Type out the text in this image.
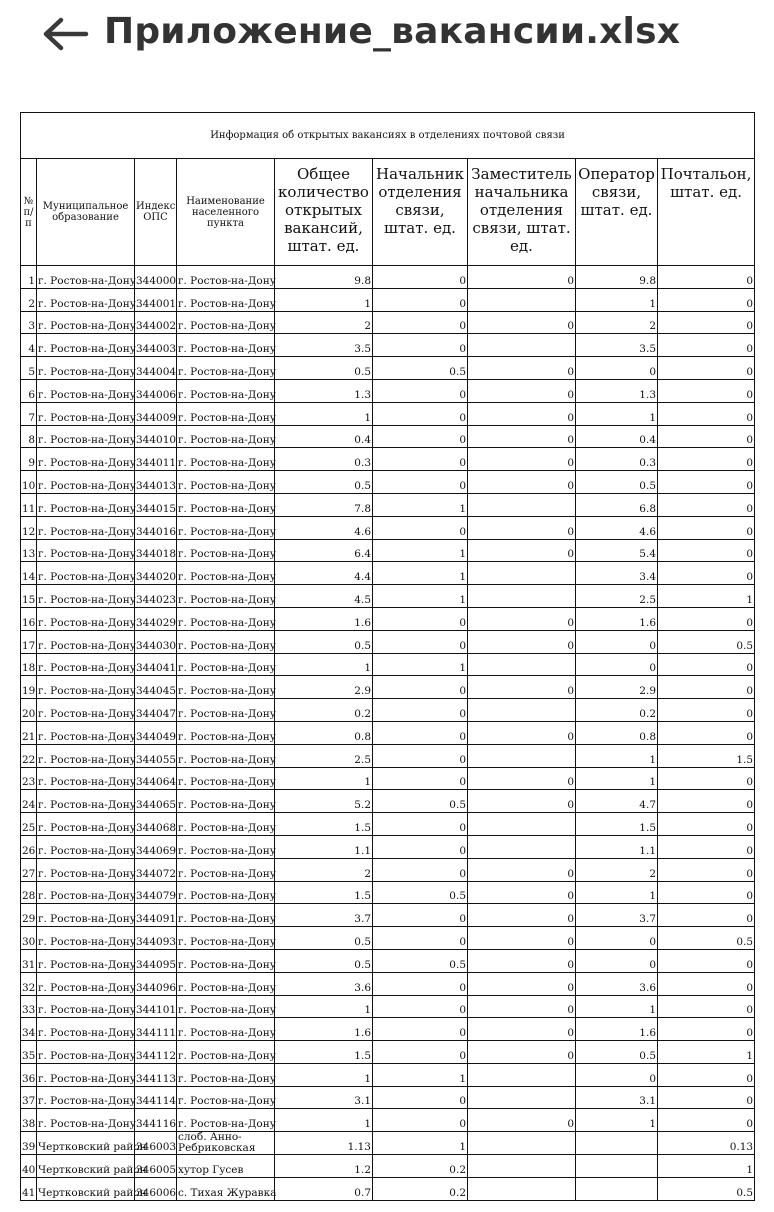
Приложение_вакансии.xlsx
Информация об открытых вакансиях в отделениях почтовой связи								
№ п/п	Муниципальное образование	Индекс ОПС	Наименование населенного пункта	Общее количество открытых вакансий, штат. ед.	Начальник отделения связи, штат. ед.	Заместитель начальника отделения связи, штат. ед.	Оператор связи, штат. ед.	Почтальон, штат. ед.
1	г. Ростов-на-Дону	344000	г. Ростов-на-Дону	9.8	0	0	9.8	0
2	г. Ростов-на-Дону	344001	г. Ростов-на-Дону	1	0		1	0
3	г. Ростов-на-Дону	344002	г. Ростов-на-Дону	2	0	0	2	0
4	г. Ростов-на-Дону	344003	г. Ростов-на-Дону	3.5	0		3.5	0
5	г. Ростов-на-Дону	344004	г. Ростов-на-Дону	0.5	0.5	0	0	0
6	г. Ростов-на-Дону	344006	г. Ростов-на-Дону	1.3	0	0	1.3	0
7	г. Ростов-на-Дону	344009	г. Ростов-на-Дону	1	0	0	1	0
8	г. Ростов-на-Дону	344010	г. Ростов-на-Дону	0.4	0	0	0.4	0
9	г. Ростов-на-Дону	344011	г. Ростов-на-Дону	0.3	0	0	0.3	0
10	г. Ростов-на-Дону	344013	г. Ростов-на-Дону	0.5	0	0	0.5	0
11	г. Ростов-на-Дону	344015	г. Ростов-на-Дону	7.8	1		6.8	0
12	г. Ростов-на-Дону	344016	г. Ростов-на-Дону	4.6	0	0	4.6	0
13	г. Ростов-на-Дону	344018	г. Ростов-на-Дону	6.4	1	0	5.4	0
14	г. Ростов-на-Дону	344020	г. Ростов-на-Дону	4.4	1		3.4	0
15	г. Ростов-на-Дону	344023	г. Ростов-на-Дону	4.5	1		2.5	1
16	г. Ростов-на-Дону	344029	г. Ростов-на-Дону	1.6	0	0	1.6	0
17	г. Ростов-на-Дону	344030	г. Ростов-на-Дону	0.5	0	0	0	0.5
18	г. Ростов-на-Дону	344041	г. Ростов-на-Дону	1	1		0	0
19	г. Ростов-на-Дону	344045	г. Ростов-на-Дону	2.9	0	0	2.9	0
20	г. Ростов-на-Дону	344047	г. Ростов-на-Дону	0.2	0		0.2	0
21	г. Ростов-на-Дону	344049	г. Ростов-на-Дону	0.8	0	0	0.8	0
22	г. Ростов-на-Дону	344055	г. Ростов-на-Дону	2.5	0		1	1.5
23	г. Ростов-на-Дону	344064	г. Ростов-на-Дону	1	0	0	1	0
24	г. Ростов-на-Дону	344065	г. Ростов-на-Дону	5.2	0.5	0	4.7	0
25	г. Ростов-на-Дону	344068	г. Ростов-на-Дону	1.5	0		1.5	0
26	г. Ростов-на-Дону	344069	г. Ростов-на-Дону	1.1	0		1.1	0
27	г. Ростов-на-Дону	344072	г. Ростов-на-Дону	2	0	0	2	0
28	г. Ростов-на-Дону	344079	г. Ростов-на-Дону	1.5	0.5	0	1	0
29	г. Ростов-на-Дону	344091	г. Ростов-на-Дону	3.7	0	0	3.7	0
30	г. Ростов-на-Дону	344093	г. Ростов-на-Дону	0.5	0	0	0	0.5
31	г. Ростов-на-Дону	344095	г. Ростов-на-Дону	0.5	0.5	0	0	0
32	г. Ростов-на-Дону	344096	г. Ростов-на-Дону	3.6	0	0	3.6	0
33	г. Ростов-на-Дону	344101	г. Ростов-на-Дону	1	0	0	1	0
34	г. Ростов-на-Дону	344111	г. Ростов-на-Дону	1.6	0	0	1.6	0
35	г. Ростов-на-Дону	344112	г. Ростов-на-Дону	1.5	0	0	0.5	1
36	г. Ростов-на-Дону	344113	г. Ростов-на-Дону	1	1		0	0
37	г. Ростов-на-Дону	344114	г. Ростов-на-Дону	3.1	0		3.1	0
38	г. Ростов-на-Дону	344116	г. Ростов-на-Дону	1	0	0	1	0
39	Чертковский район	346003	слоб. Анно-Ребриковская	1.13	1			0.13
40	Чертковский район	346005	хутор Гусев	1.2	0.2			1
41	Чертковский район	346006	с. Тихая Журавка	0.7	0.2			0.5
